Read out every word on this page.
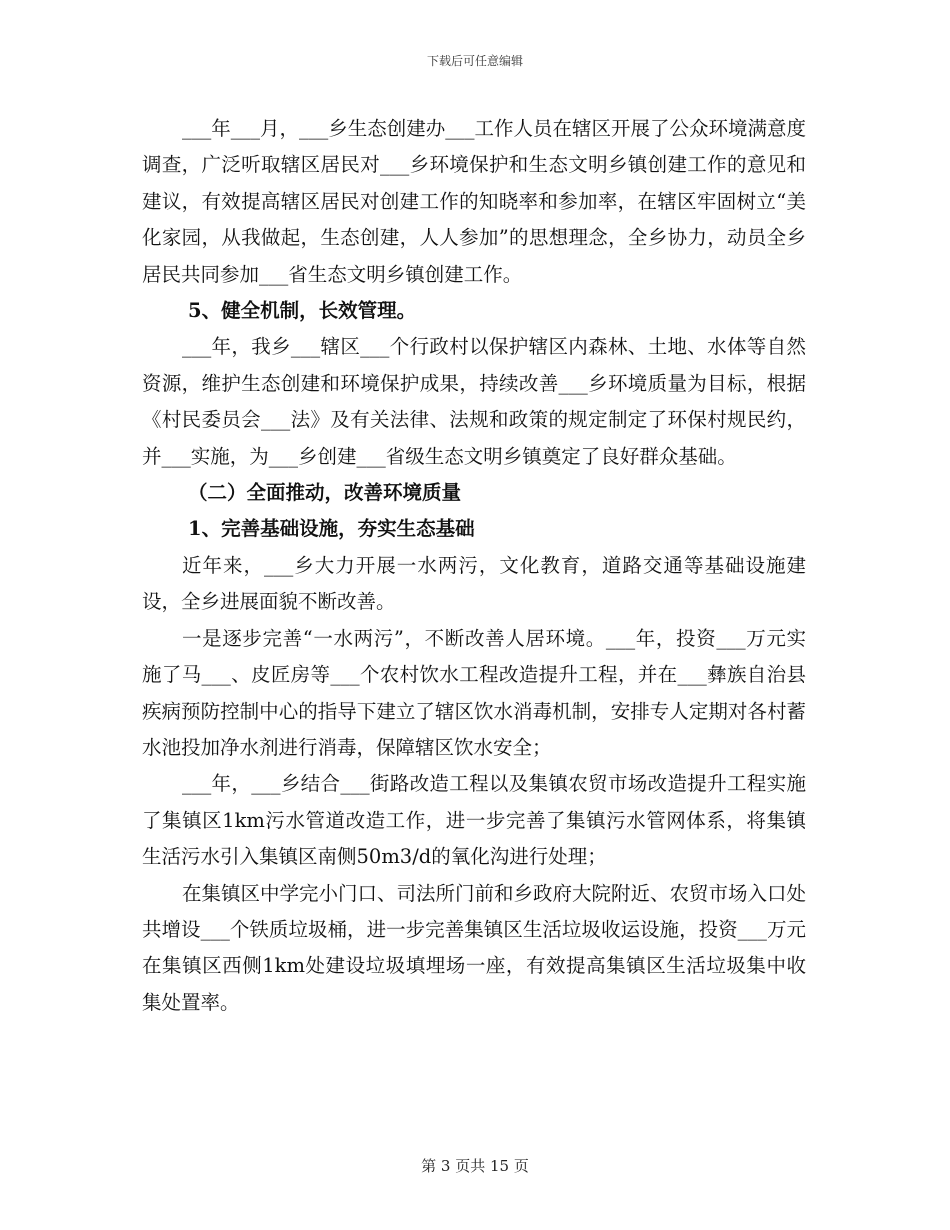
下载后可任意编辑

___年___月，___乡生态创建办___工作人员在辖区开展了公众环境满意度调查，广泛听取辖区居民对___乡环境保护和生态文明乡镇创建工作的意见和建议，有效提高辖区居民对创建工作的知晓率和参加率，在辖区牢固树立“美化家园，从我做起，生态创建，人人参加”的思想理念，全乡协力，动员全乡居民共同参加___省生态文明乡镇创建工作。

5、健全机制，长效管理。

___年，我乡___辖区___个行政村以保护辖区内森林、土地、水体等自然资源，维护生态创建和环境保护成果，持续改善___乡环境质量为目标，根据《村民委员会___法》及有关法律、法规和政策的规定制定了环保村规民约，并___实施，为___乡创建___省级生态文明乡镇奠定了良好群众基础。

（二）全面推动，改善环境质量

1、完善基础设施，夯实生态基础

近年来，___乡大力开展一水两污，文化教育，道路交通等基础设施建设，全乡进展面貌不断改善。

一是逐步完善“一水两污”，不断改善人居环境。___年，投资___万元实施了马___、皮匠房等___个农村饮水工程改造提升工程，并在___彝族自治县疾病预防控制中心的指导下建立了辖区饮水消毒机制，安排专人定期对各村蓄水池投加净水剂进行消毒，保障辖区饮水安全；

___年，___乡结合___街路改造工程以及集镇农贸市场改造提升工程实施了集镇区1km污水管道改造工作，进一步完善了集镇污水管网体系，将集镇生活污水引入集镇区南侧50m3/d的氧化沟进行处理；

在集镇区中学完小门口、司法所门前和乡政府大院附近、农贸市场入口处共增设___个铁质垃圾桶，进一步完善集镇区生活垃圾收运设施，投资___万元在集镇区西侧1km处建设垃圾填埋场一座，有效提高集镇区生活垃圾集中收集处置率。

第 3 页共 15 页
